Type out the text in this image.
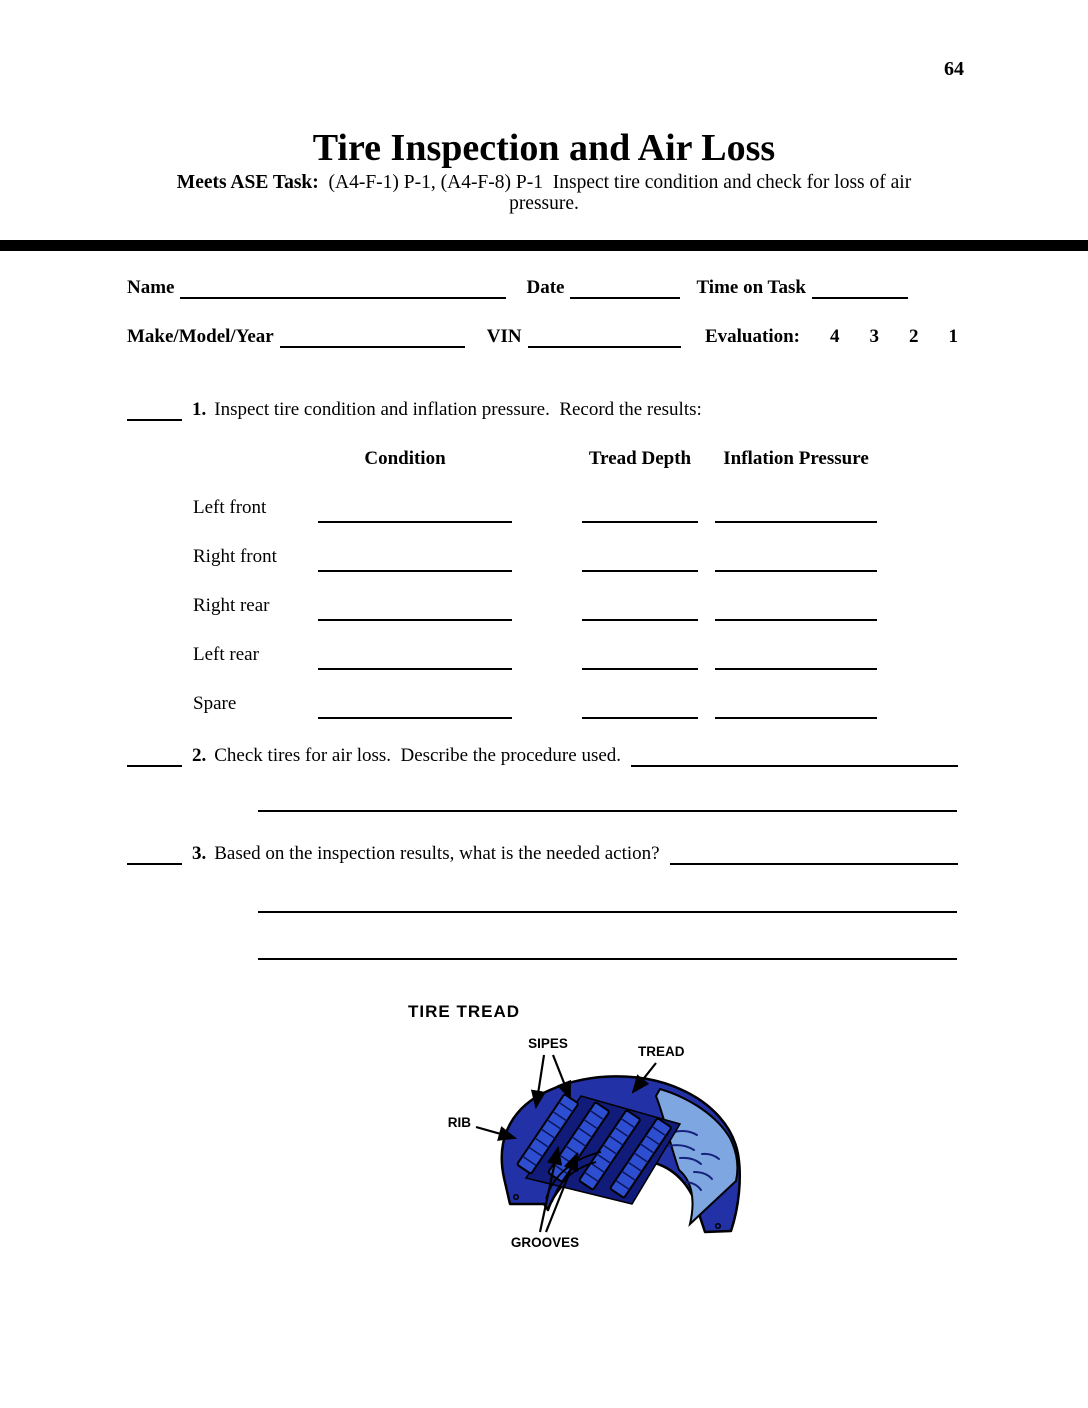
64
Tire Inspection and Air Loss

Meets ASE Task: (A4-F-1) P-1, (A4-F-8) P-1  Inspect tire condition and check for loss of air
pressure.

Name	Date	Time on Task
Make/Model/Year	VIN	Evaluation: 4 3 2 1
1. Inspect tire condition and inflation pressure.  Record the results:
Condition	Tread Depth	Inflation Pressure
Left front
Right front
Right rear
Left rear
Spare
2. Check tires for air loss.  Describe the procedure used.
3. Based on the inspection results, what is the needed action?
TIRE TREAD
SIPES
TREAD
RIB
GROOVES
